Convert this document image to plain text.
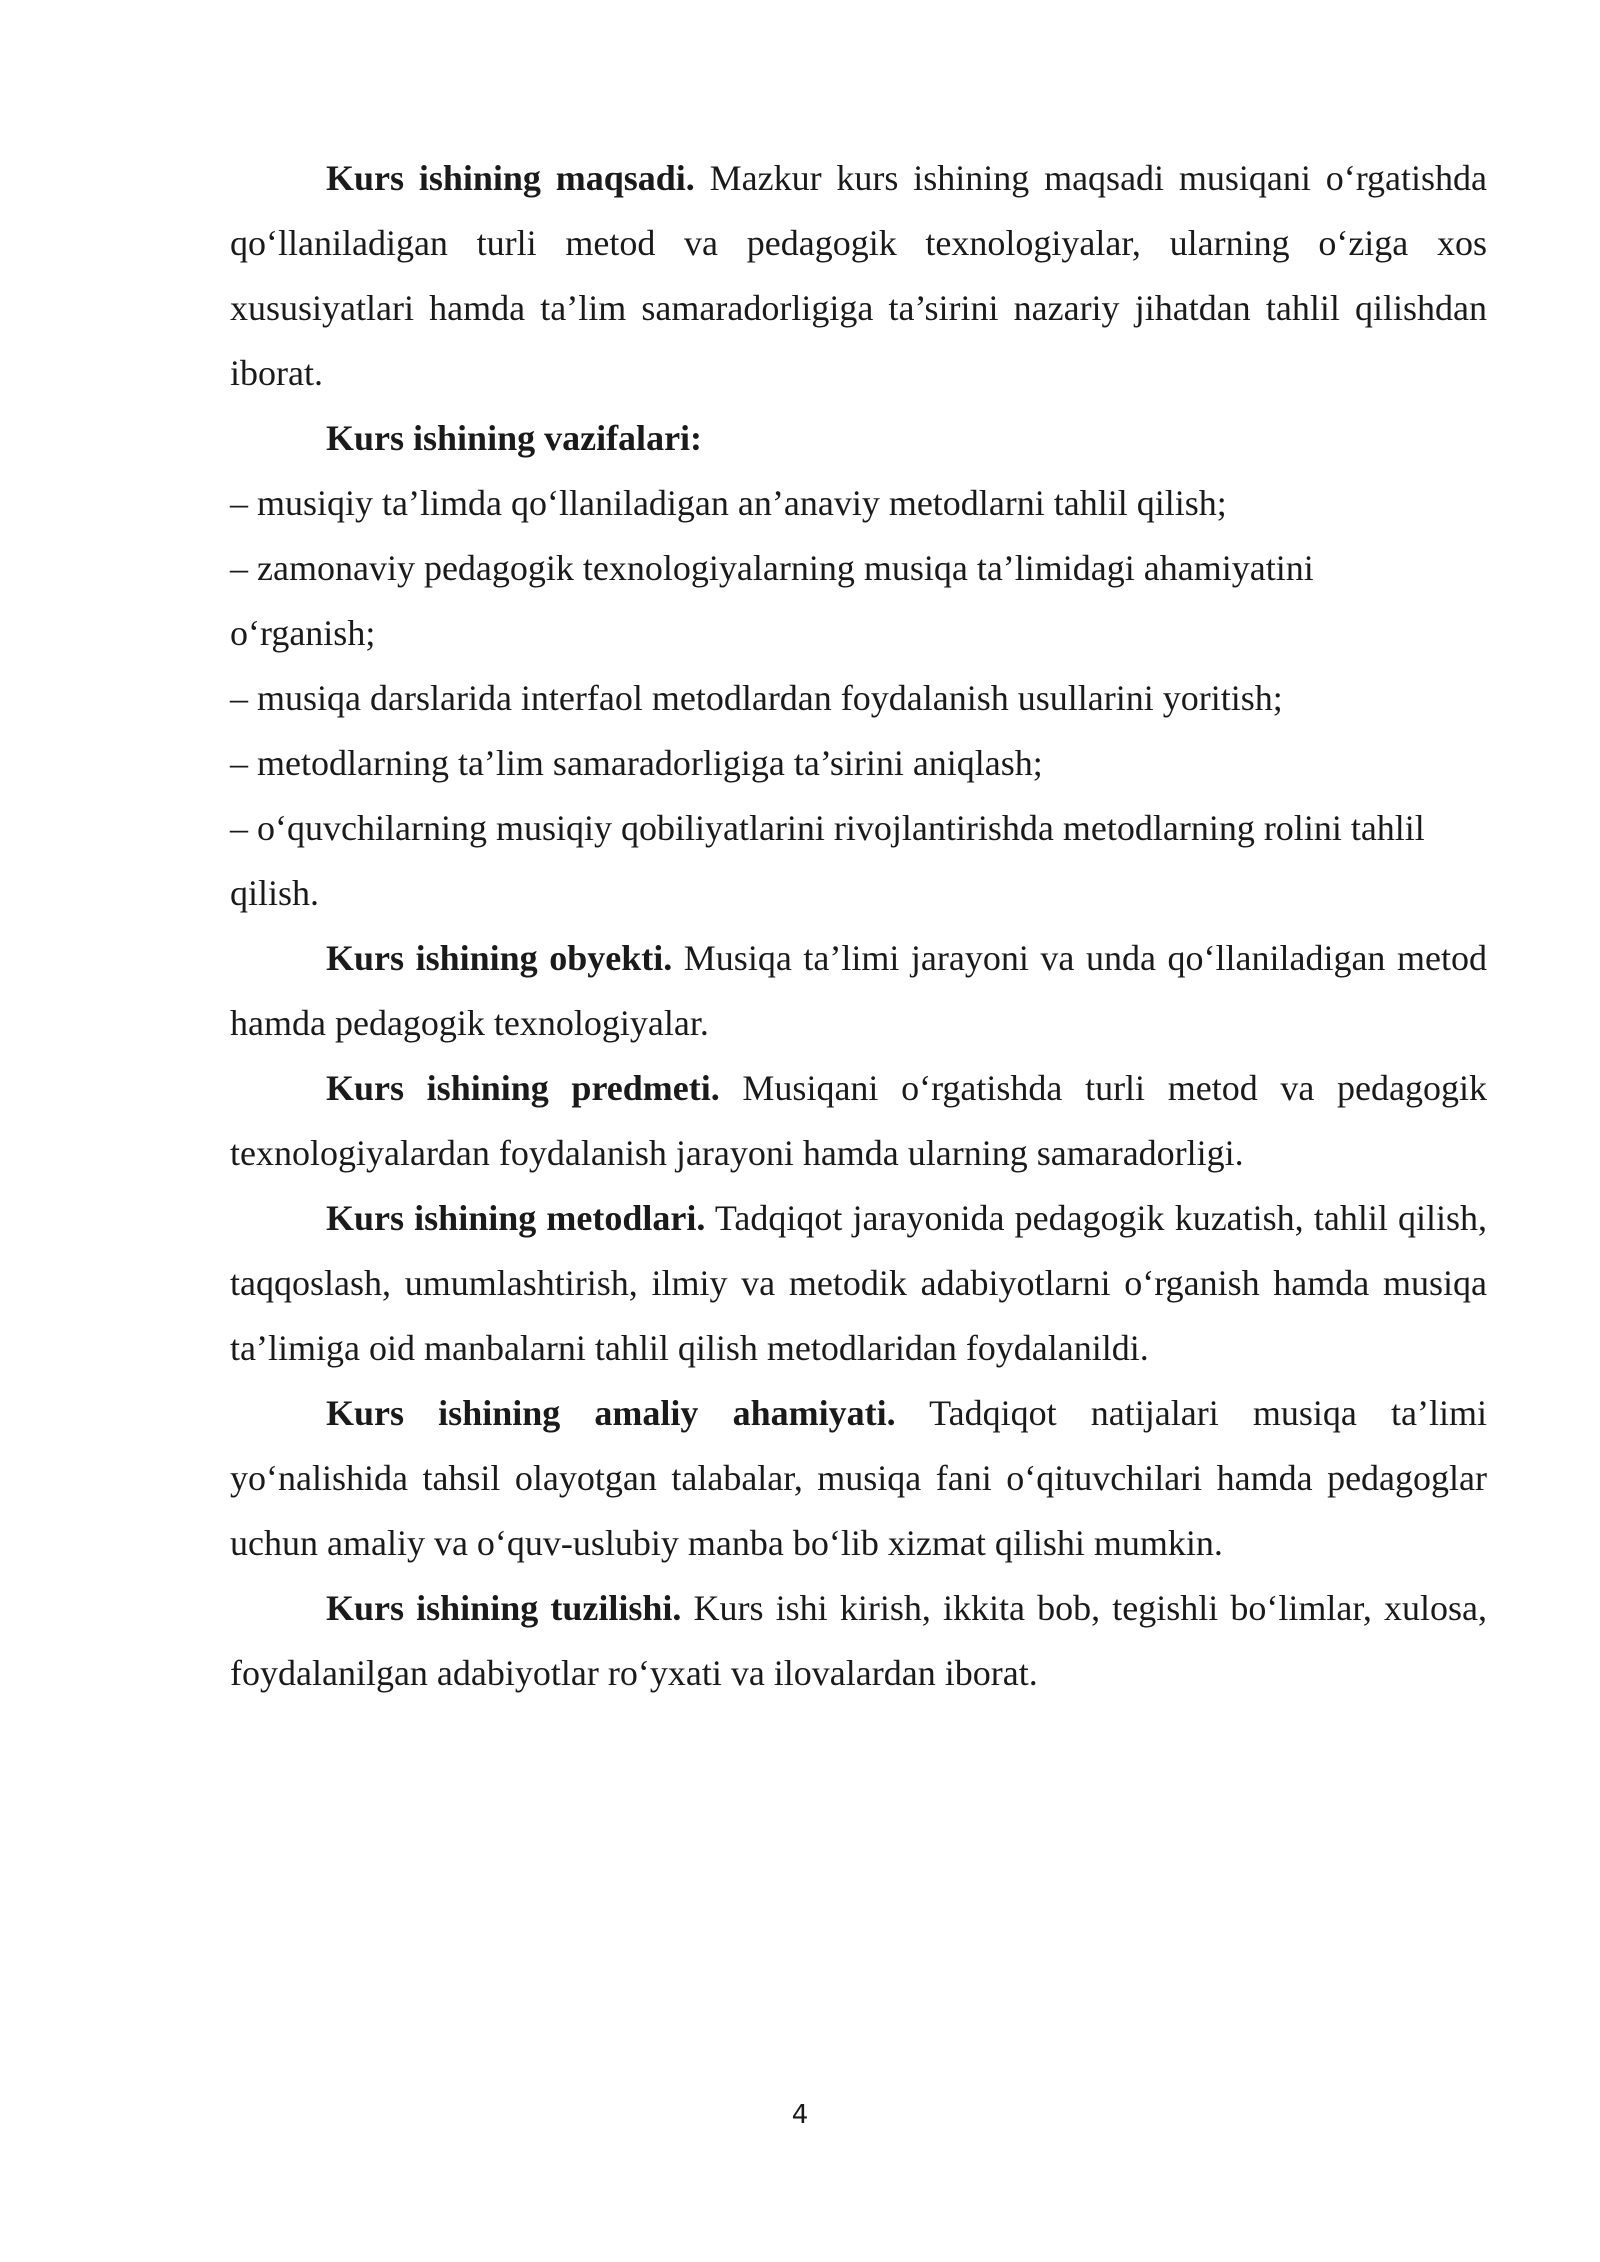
Kurs ishining maqsadi. Mazkur kurs ishining maqsadi musiqani o‘rgatishda qo‘llaniladigan turli metod va pedagogik texnologiyalar, ularning o‘ziga xos xususiyatlari hamda ta’lim samaradorligiga ta’sirini nazariy jihatdan tahlil qilishdan iborat.

Kurs ishining vazifalari:

– musiqiy ta’limda qo‘llaniladigan an’anaviy metodlarni tahlil qilish;
– zamonaviy pedagogik texnologiyalarning musiqa ta’limidagi ahamiyatini o‘rganish;
– musiqa darslarida interfaol metodlardan foydalanish usullarini yoritish;
– metodlarning ta’lim samaradorligiga ta’sirini aniqlash;
– o‘quvchilarning musiqiy qobiliyatlarini rivojlantirishda metodlarning rolini tahlil qilish.

Kurs ishining obyekti. Musiqa ta’limi jarayoni va unda qo‘llaniladigan metod hamda pedagogik texnologiyalar.

Kurs ishining predmeti. Musiqani o‘rgatishda turli metod va pedagogik texnologiyalardan foydalanish jarayoni hamda ularning samaradorligi.

Kurs ishining metodlari. Tadqiqot jarayonida pedagogik kuzatish, tahlil qilish, taqqoslash, umumlashtirish, ilmiy va metodik adabiyotlarni o‘rganish hamda musiqa ta’limiga oid manbalarni tahlil qilish metodlaridan foydalanildi.

Kurs ishining amaliy ahamiyati. Tadqiqot natijalari musiqa ta’limi yo‘nalishida tahsil olayotgan talabalar, musiqa fani o‘qituvchilari hamda pedagoglar uchun amaliy va o‘quv-uslubiy manba bo‘lib xizmat qilishi mumkin.

Kurs ishining tuzilishi. Kurs ishi kirish, ikkita bob, tegishli bo‘limlar, xulosa, foydalanilgan adabiyotlar ro‘yxati va ilovalardan iborat.

4
